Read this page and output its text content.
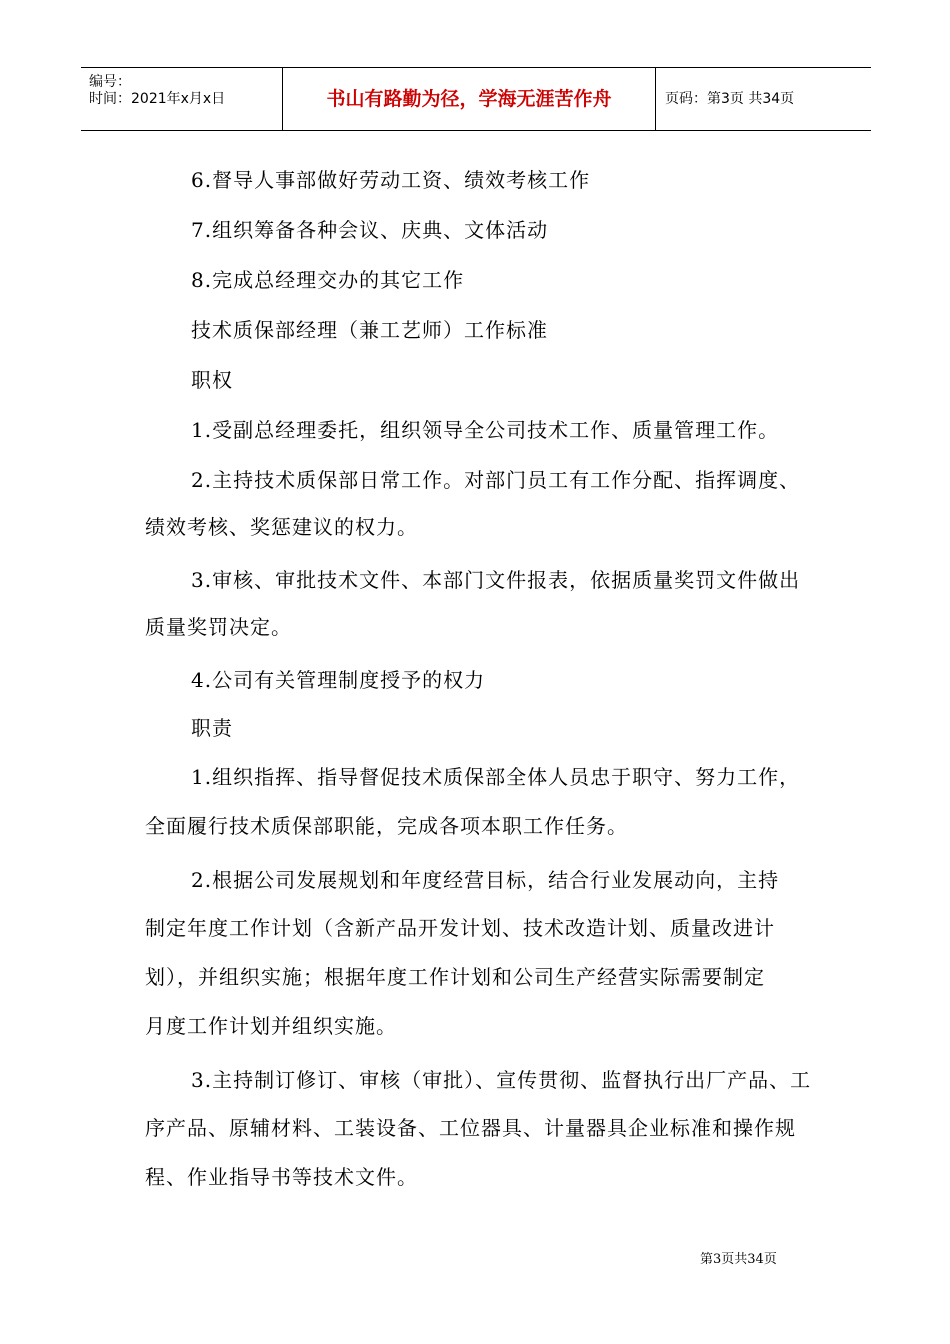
编号：
时间：2021年x月x日	书山有路勤为径，学海无涯苦作舟	页码：第3页 共34页
6.督导人事部做好劳动工资、绩效考核工作
7.组织筹备各种会议、庆典、文体活动
8.完成总经理交办的其它工作
技术质保部经理（兼工艺师）工作标准
职权
1.受副总经理委托，组织领导全公司技术工作、质量管理工作。
2.主持技术质保部日常工作。对部门员工有工作分配、指挥调度、
绩效考核、奖惩建议的权力。
3.审核、审批技术文件、本部门文件报表，依据质量奖罚文件做出
质量奖罚决定。
4.公司有关管理制度授予的权力
职责
1.组织指挥、指导督促技术质保部全体人员忠于职守、努力工作，
全面履行技术质保部职能，完成各项本职工作任务。
2.根据公司发展规划和年度经营目标，结合行业发展动向，主持
制定年度工作计划（含新产品开发计划、技术改造计划、质量改进计
划），并组织实施；根据年度工作计划和公司生产经营实际需要制定
月度工作计划并组织实施。
3.主持制订修订、审核（审批）、宣传贯彻、监督执行出厂产品、工
序产品、原辅材料、工装设备、工位器具、计量器具企业标准和操作规
程、作业指导书等技术文件。
第3页共34页
